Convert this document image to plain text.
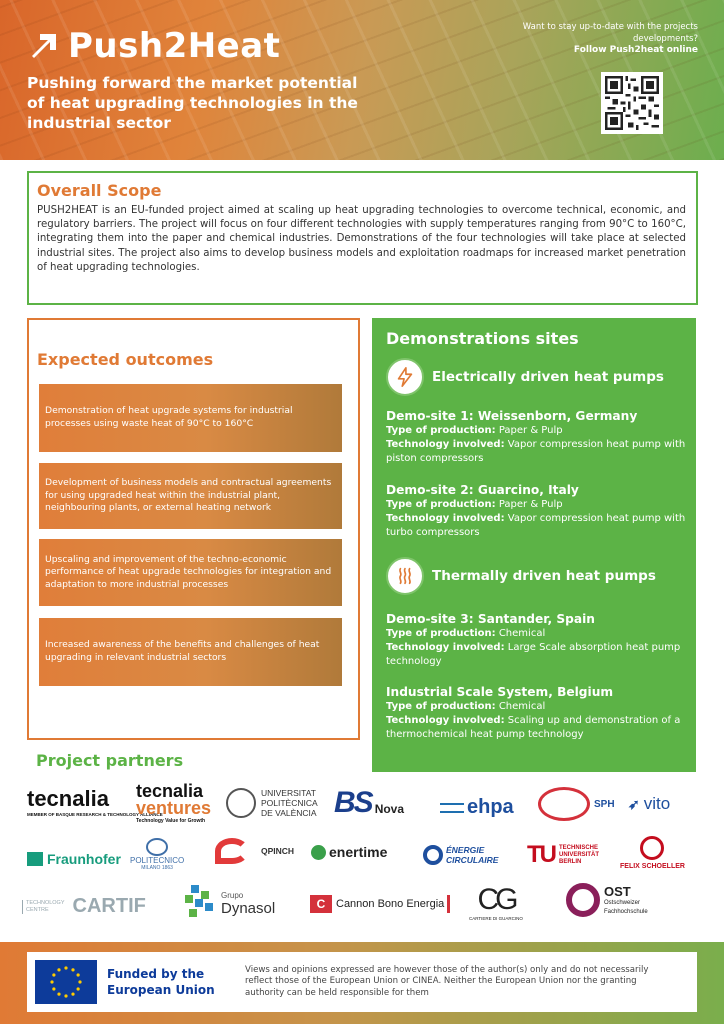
Push2Heat
Pushing forward the market potential of heat upgrading technologies in the industrial sector
Want to stay up-to-date with the projects developments?
Follow Push2heat online
Overall Scope

PUSH2HEAT is an EU-funded project aimed at scaling up heat upgrading technologies to overcome technical, economic, and regulatory barriers. The project will focus on four different technologies with supply temperatures ranging from 90°C to 160°C, integrating them into the paper and chemical industries. Demonstrations of the four technologies will take place at selected industrial sites. The project also aims to develop business models and exploitation roadmaps for increased market penetration of heat upgrading technologies.

Expected outcomes
Demonstration of heat upgrade systems for industrial processes using waste heat of 90°C to 160°C
Development of business models and contractual agreements for using upgraded heat within the industrial plant, neighbouring plants, or external heating network
Upscaling and improvement of the techno-economic performance of heat upgrade technologies for integration and adaptation to more industrial processes
Increased awareness of the benefits and challenges of heat upgrading in relevant industrial sectors
Demonstrations sites
Electrically driven heat pumps
Demo-site 1: Weissenborn, Germany
Type of production: Paper & Pulp
Technology involved: Vapor compression heat pump with piston compressors
Demo-site 2: Guarcino, Italy
Type of production: Paper & Pulp
Technology involved: Vapor compression heat pump with turbo compressors
Thermally driven heat pumps
Demo-site 3: Santander, Spain
Type of production: Chemical
Technology involved: Large Scale absorption heat pump technology
Industrial Scale System, Belgium
Type of production: Chemical
Technology involved: Scaling up and demonstration of a thermochemical heat pump technology
Project partners
tecnalia
MEMBER OF BASQUE RESEARCH & TECHNOLOGY ALLIANCE
tecnalia
ventures
Technology Value for Growth
UNIVERSITAT
POLITÈCNICA
DE VALÈNCIA BS Nova	ehpa	SPH ➶ vito
Fraunhofer POLITECNICO
MILANO 1863
QPINCH enertime	ÉNERGIE
CIRCULAIRE TU TECHNISCHE
UNIVERSITÄT
BERLIN
FELIX SCHOELLER
TECHNOLOGY
CENTRE	CARTIF	Grupo
Dynasol	C Cannon Bono Energia CG
CARTIERE DI GUARCINO
OST
Ostschweizer
Fachhochschule
Funded by the European Union
Views and opinions expressed are however those of the author(s) only and do not necessarily reflect those of the European Union or CINEA. Neither the European Union nor the granting authority can be held responsible for them
